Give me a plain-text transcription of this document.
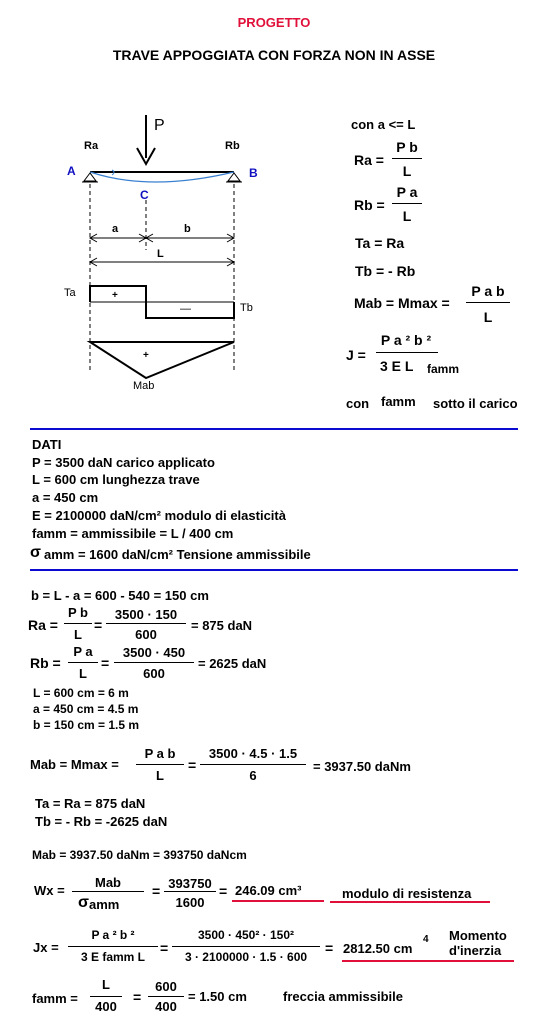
PROGETTO
TRAVE APPOGGIATA CON FORZA NON IN ASSE
P
Ra	Rb
A	B
C
a	b
L
Ta
Tb
+
—
+
Mab
con a <= L
Ra =
P b
L
Rb =
P a
L
Ta = Ra
Tb = - Rb
Mab = Mmax =
P a b
L
J =
P a ² b ²
3 E L famm
con famm sotto il carico
DATI
P = 3500 daN carico applicato
L = 600 cm lunghezza trave
a = 450 cm
E = 2100000 daN/cm² modulo di elasticità
famm = ammissibile = L / 400 cm
σ amm = 1600 daN/cm² Tensione ammissibile
b = L - a = 600 - 540 = 150 cm
Ra =
P b
L
=
3500 · 150
600
= 875 daN
Rb =
P a
L
=
3500 · 450
600
= 2625 daN
L = 600 cm = 6 m
a = 450 cm = 4.5 m
b = 150 cm = 1.5 m
Mab = Mmax =
P a b
L
=
3500 · 4.5 · 1.5
6
= 3937.50 daNm
Ta = Ra = 875 daN
Tb = - Rb = -2625 daN
Mab = 3937.50 daNm = 393750 daNcm
Wx =
Mab
σ amm
= 393750
1600
= 246.09 cm³	modulo di resistenza
Jx =
P a ² b ²
3 E famm L
=
3500 · 450² · 150²
3 · 2100000 · 1.5 · 600
= 2812.50 cm
4 Momento
d'inerzia
famm =
L
400
=
600
400
= 1.50 cm	freccia ammissibile
